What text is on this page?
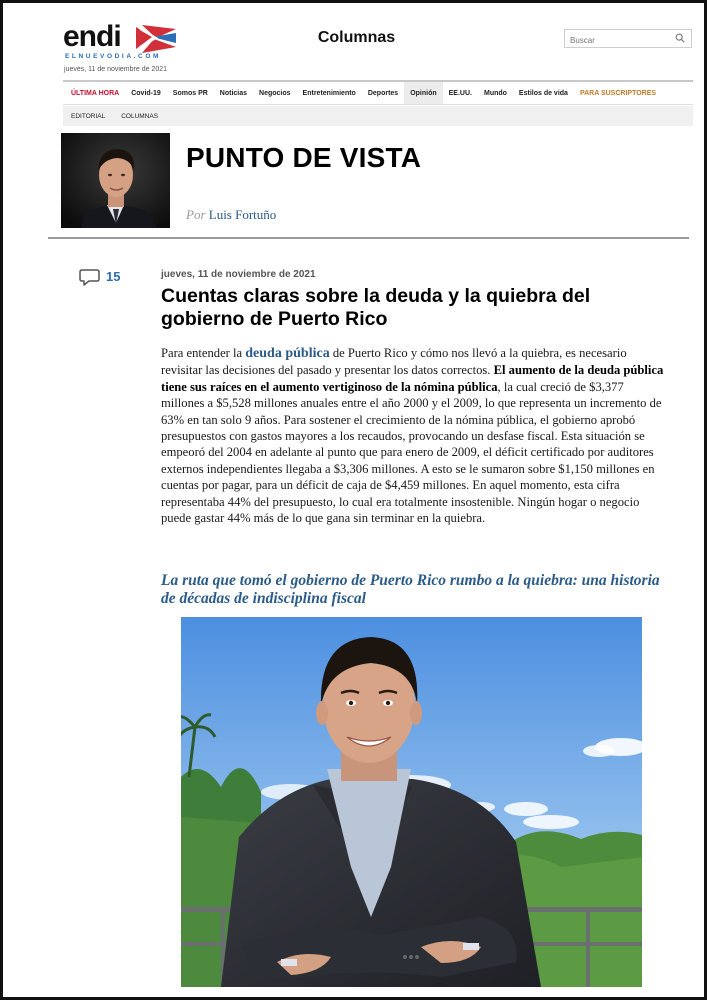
endi
ELNUEVODIA.COM
jueves, 11 de noviembre de 2021
Columnas
Buscar
ÚLTIMA HORA	Covid-19	Somos PR	Noticias	Negocios	Entretenimiento	Deportes	Opinión	EE.UU.	Mundo	Estilos de vida	PARA SUSCRIPTORES
EDITORIAL	COLUMNAS
PUNTO DE VISTA
Por Luis Fortuño
15	jueves, 11 de noviembre de 2021
Cuentas claras sobre la deuda y la quiebra del gobierno de Puerto Rico

Para entender la deuda pública de Puerto Rico y cómo nos llevó a la quiebra, es necesario revisitar las decisiones del pasado y presentar los datos correctos. El aumento de la deuda pública tiene sus raíces en el aumento vertiginoso de la nómina pública, la cual creció de $3,377 millones a $5,528 millones anuales entre el año 2000 y el 2009, lo que representa un incremento de 63% en tan solo 9 años. Para sostener el crecimiento de la nómina pública, el gobierno aprobó presupuestos con gastos mayores a los recaudos, provocando un desfase fiscal. Esta situación se empeoró del 2004 en adelante al punto que para enero de 2009, el déficit certificado por auditores externos independientes llegaba a $3,306 millones. A esto se le sumaron sobre $1,150 millones en cuentas por pagar, para un déficit de caja de $4,459 millones. En aquel momento, esta cifra representaba 44% del presupuesto, lo cual era totalmente insostenible. Ningún hogar o negocio puede gastar 44% más de lo que gana sin terminar en la quiebra.

La ruta que tomó el gobierno de Puerto Rico rumbo a la quiebra: una historia de décadas de indisciplina fiscal
